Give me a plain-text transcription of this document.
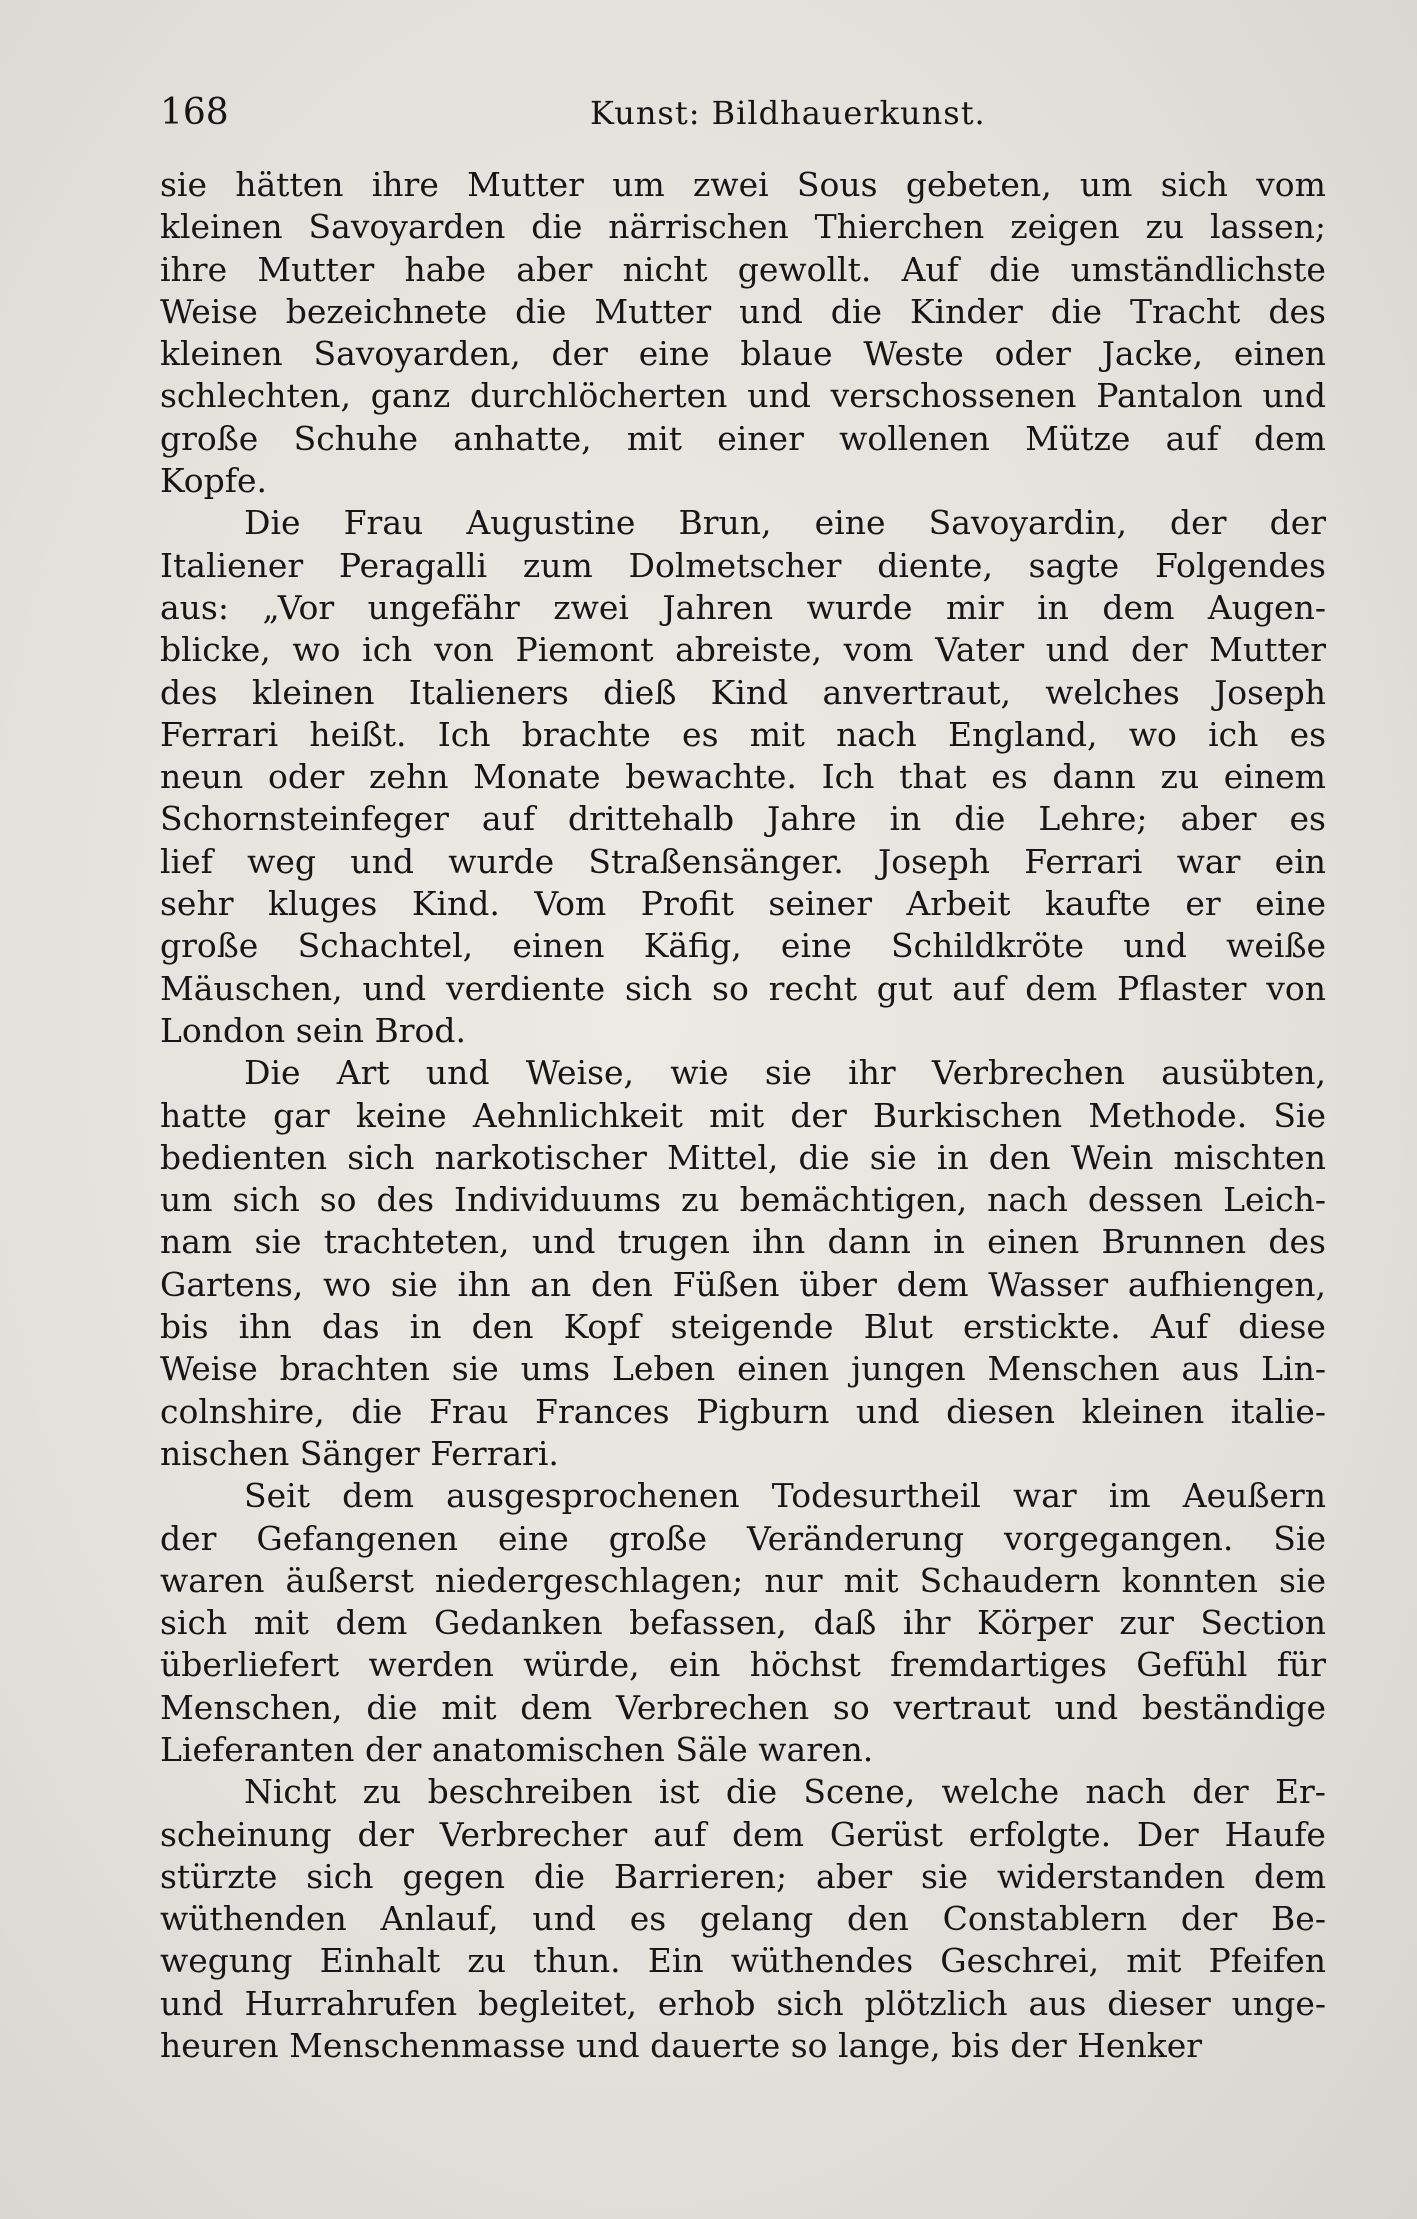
168	Kunst: Bildhauerkunst.
sie hätten ihre Mutter um zwei Sous gebeten, um sich vom
kleinen Savoyarden die närrischen Thierchen zeigen zu lassen;
ihre Mutter habe aber nicht gewollt. Auf die umständlichste
Weise bezeichnete die Mutter und die Kinder die Tracht des
kleinen Savoyarden, der eine blaue Weste oder Jacke, einen
schlechten, ganz durchlöcherten und verschossenen Pantalon und
große Schuhe anhatte, mit einer wollenen Mütze auf dem
Kopfe.
Die Frau Augustine Brun, eine Savoyardin, der der
Italiener Peragalli zum Dolmetscher diente, sagte Folgendes
aus: „Vor ungefähr zwei Jahren wurde mir in dem Augen-
blicke, wo ich von Piemont abreiste, vom Vater und der Mutter
des kleinen Italieners dieß Kind anvertraut, welches Joseph
Ferrari heißt. Ich brachte es mit nach England, wo ich es
neun oder zehn Monate bewachte. Ich that es dann zu einem
Schornsteinfeger auf drittehalb Jahre in die Lehre; aber es
lief weg und wurde Straßensänger. Joseph Ferrari war ein
sehr kluges Kind. Vom Profit seiner Arbeit kaufte er eine
große Schachtel, einen Käfig, eine Schildkröte und weiße
Mäuschen, und verdiente sich so recht gut auf dem Pflaster von
London sein Brod.
Die Art und Weise, wie sie ihr Verbrechen ausübten,
hatte gar keine Aehnlichkeit mit der Burkischen Methode. Sie
bedienten sich narkotischer Mittel, die sie in den Wein mischten
um sich so des Individuums zu bemächtigen, nach dessen Leich-
nam sie trachteten, und trugen ihn dann in einen Brunnen des
Gartens, wo sie ihn an den Füßen über dem Wasser aufhiengen,
bis ihn das in den Kopf steigende Blut erstickte. Auf diese
Weise brachten sie ums Leben einen jungen Menschen aus Lin-
colnshire, die Frau Frances Pigburn und diesen kleinen italie-
nischen Sänger Ferrari.
Seit dem ausgesprochenen Todesurtheil war im Aeußern
der Gefangenen eine große Veränderung vorgegangen. Sie
waren äußerst niedergeschlagen; nur mit Schaudern konnten sie
sich mit dem Gedanken befassen, daß ihr Körper zur Section
überliefert werden würde, ein höchst fremdartiges Gefühl für
Menschen, die mit dem Verbrechen so vertraut und beständige
Lieferanten der anatomischen Säle waren.
Nicht zu beschreiben ist die Scene, welche nach der Er-
scheinung der Verbrecher auf dem Gerüst erfolgte. Der Haufe
stürzte sich gegen die Barrieren; aber sie widerstanden dem
wüthenden Anlauf, und es gelang den Constablern der Be-
wegung Einhalt zu thun. Ein wüthendes Geschrei, mit Pfeifen
und Hurrahrufen begleitet, erhob sich plötzlich aus dieser unge-
heuren Menschenmasse und dauerte so lange, bis der Henker
